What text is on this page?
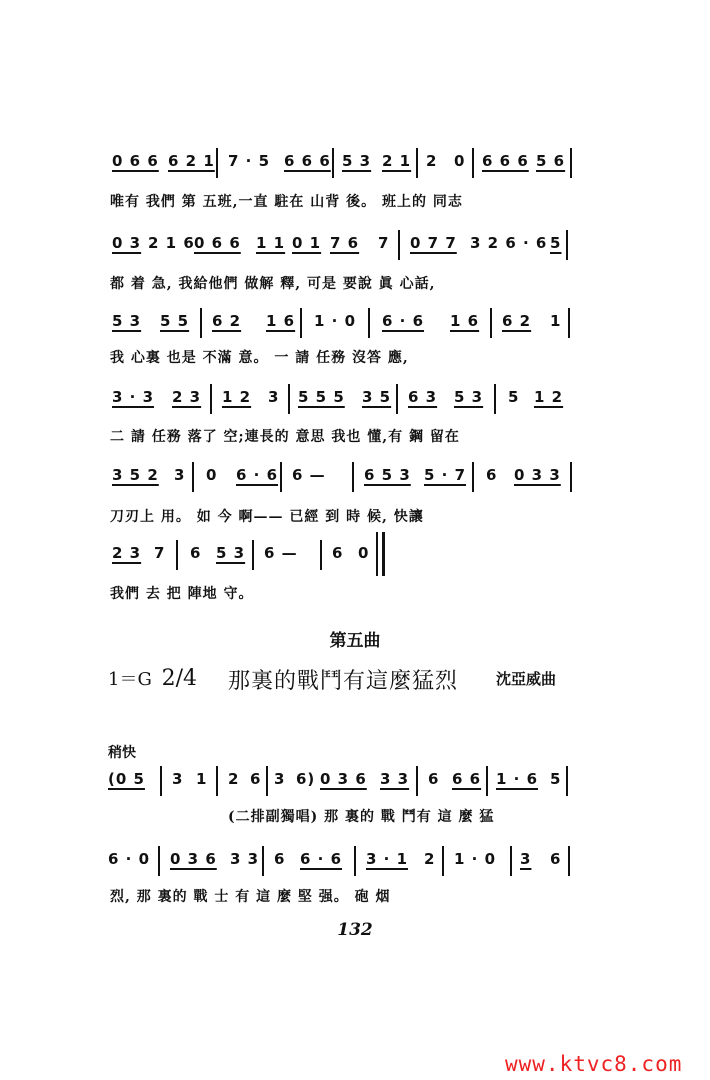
0 6 6 6 2 1 7 · 5 6 6 6 5 3 2 1 2 0 6 6 6 5 6
唯有 我們 第 五班,一直 駐在 山背 後。 班上的 同志
0 3 2 1 6 0 6 6 1 1 0 1 7 6 7 0 7 7 3 2 6 · 6 5
都 着 急, 我給他們 做解 釋, 可是 要說 眞 心話,
5 3 5 5 6 2 1 6 1 · 0 6 · 6 1 6 6 2 1
我 心裏 也是 不滿 意。 一 請 任務 沒答 應,
3 · 3 2 3 1 2 3 5 5 5 3 5 6 3 5 3 5 1 2
二 請 任務 落了 空;連長的 意思 我也 懂,有 鋼 留在
3 5 2 3 0 6 · 6 6 —	6 5 3 5 · 7 6 0 3 3
刀刃上 用。 如 今 啊—— 已經 到 時 候, 快讓
2 3 7 6 5 3 6 — 6 0
我們 去 把 陣地 守。
第五曲
1＝G 2/4 那裏的戰鬥有這麼猛烈	沈亞威曲
稍快
(0 5 3 1 2 6 3 6) 0 3 6 3 3 6 6 6 1 · 6 5
(二排副獨唱) 那 裏的 戰 鬥有 這 麼 猛
6 · 0 0 3 6 3 3 6 6 · 6 3 · 1 2 1 · 0 3 6
烈, 那 裏的 戰 士 有 這 麼 堅 强。 砲 烟
132
www.ktvc8.com
